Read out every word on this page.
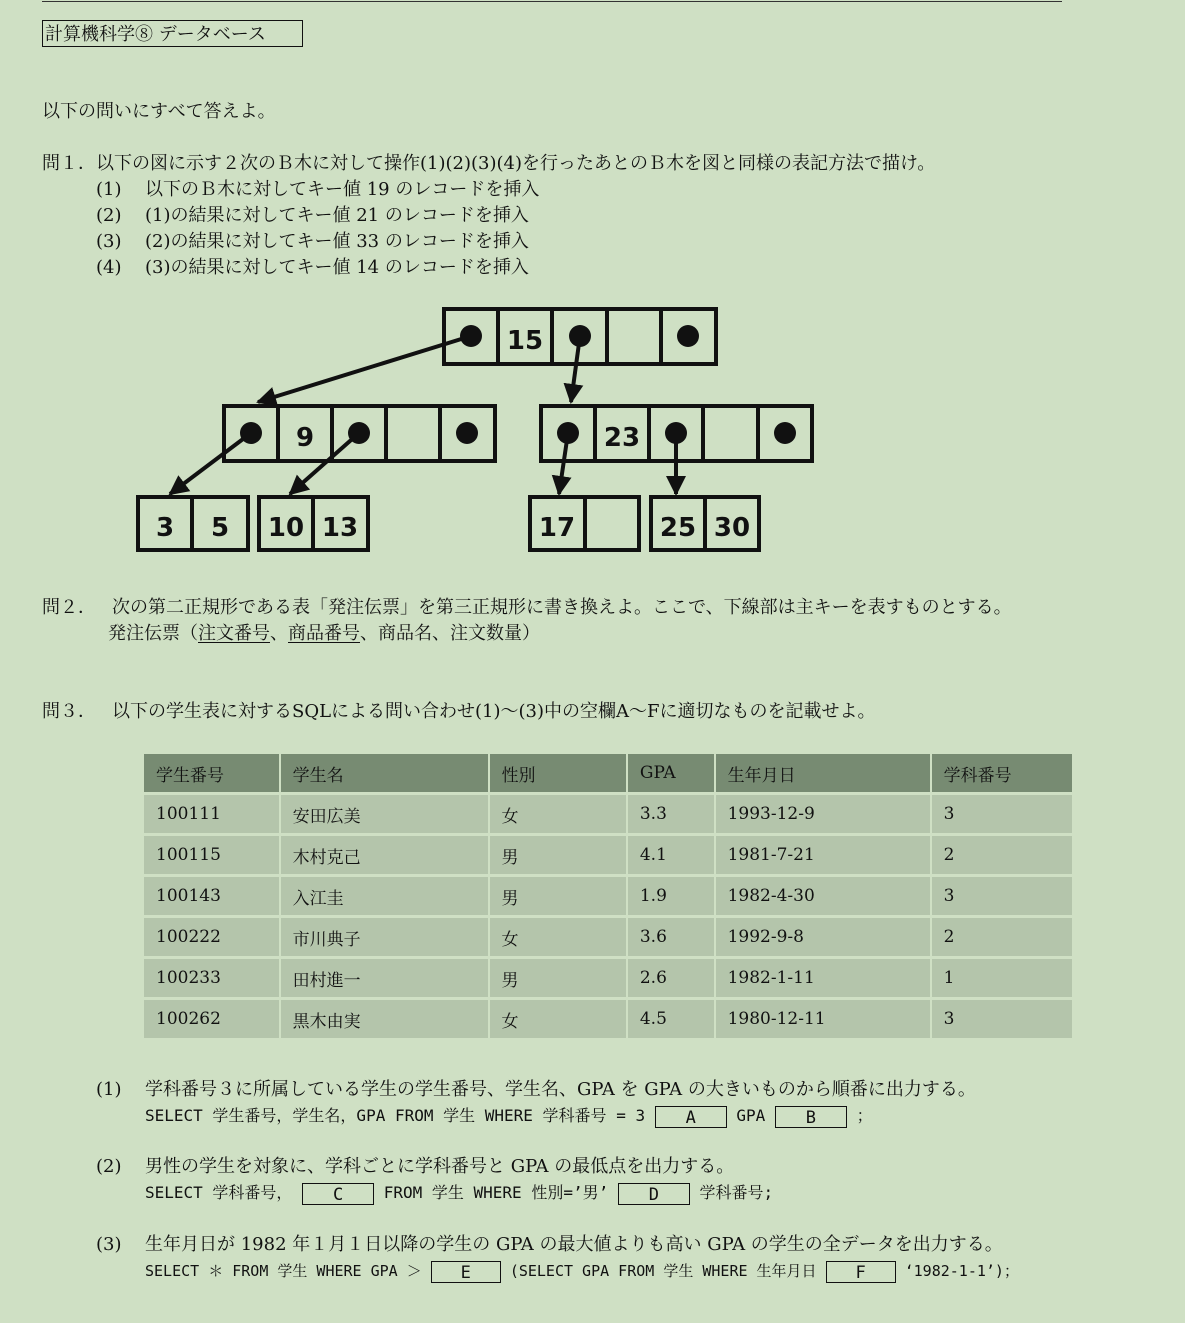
計算機科学⑧ データベース
以下の問いにすべて答えよ。
問１．以下の図に示す２次のＢ木に対して操作(1)(2)(3)(4)を行ったあとのＢ木を図と同様の表記方法で描け。
(1) 以下のＢ木に対してキー値 19 のレコードを挿入
(2) (1)の結果に対してキー値 21 のレコードを挿入
(3) (2)の結果に対してキー値 33 のレコードを挿入
(4) (3)の結果に対してキー値 14 のレコードを挿入
15
9	23
3 5 10 13	17	25 30
問２． 次の第二正規形である表「発注伝票」を第三正規形に書き換えよ。ここで、下線部は主キーを表すものとする。
発注伝票（注文番号、商品番号、商品名、注文数量）
問３． 以下の学生表に対するSQLによる問い合わせ(1)～(3)中の空欄A～Fに適切なものを記載せよ。
学生番号	学生名	性別	GPA	生年月日	学科番号
100111	安田広美	女	3.3	1993-12-9	3
100115	木村克己	男	4.1	1981-7-21	2
100143	入江圭	男	1.9	1982-4-30	3
100222	市川典子	女	3.6	1992-9-8	2
100233	田村進一	男	2.6	1982-1-11	1
100262	黒木由実	女	4.5	1980-12-11	3
(1) 学科番号３に所属している学生の学生番号、学生名、GPA を GPA の大きいものから順番に出力する。
SELECT 学生番号，学生名，GPA FROM 学生 WHERE 学科番号 = 3 A	GPA B	；
(2) 男性の学生を対象に、学科ごとに学科番号と GPA の最低点を出力する。
SELECT 学科番号， C	FROM 学生 WHERE 性別=’男’ D	学科番号;
(3) 生年月日が 1982 年１月１日以降の学生の GPA の最大値よりも高い GPA の学生の全データを出力する。
SELECT ＊ FROM 学生 WHERE GPA ＞ E	(SELECT GPA FROM 学生 WHERE 生年月日 F	‘1982-1-1’)；
